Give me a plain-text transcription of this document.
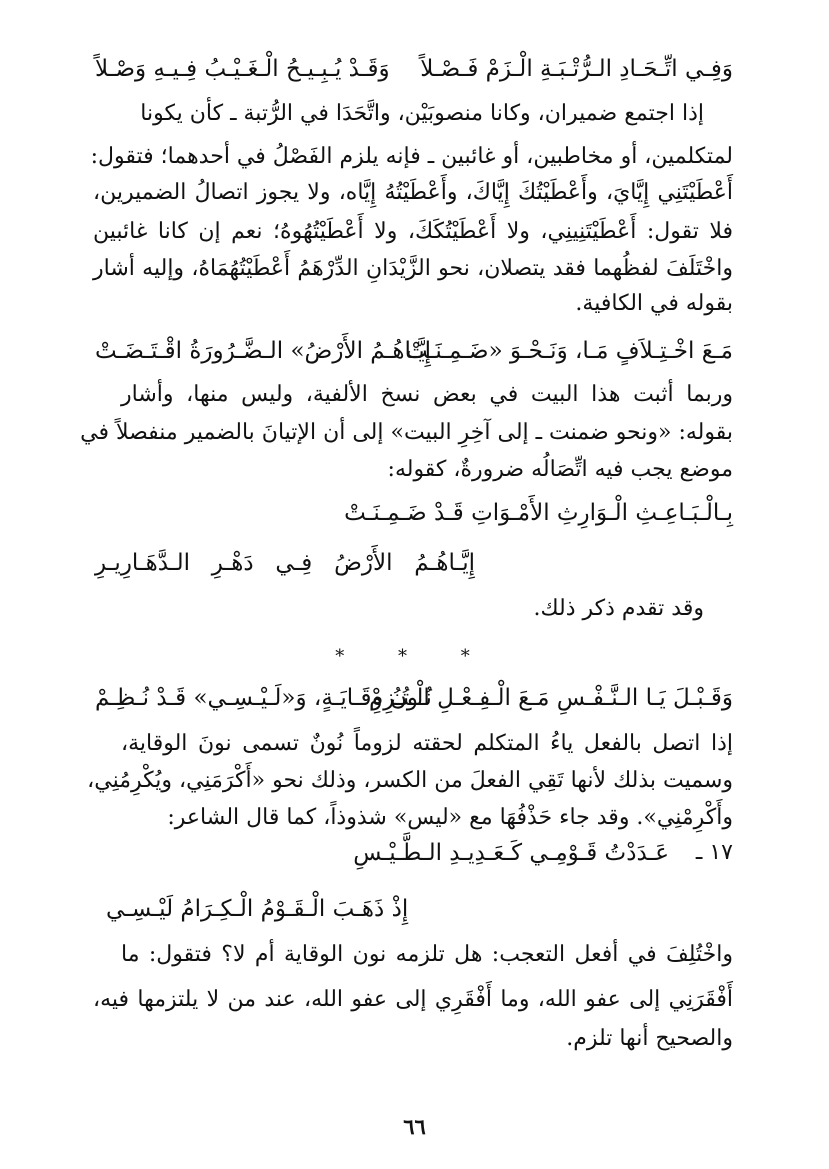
وَفِـي اتِّـحَـادِ الـرُّتْـبَـةِ الْـزَمْ فَـصْـلاً
وَقَـدْ يُـبِـيـحُ الْـغَـيْـبُ فِـيـهِ وَصْـلاً
إذا اجتمع ضميران، وكانا منصوبَيْن، واتَّحَدَا في الرُّتبة ـ كأن يكونا
لمتكلمين، أو مخاطبين، أو غائبين ـ فإنه يلزم الفَصْلُ في أحدهما؛ فتقول:
أَعْطَيْتَنِي إِيَّايَ، وأَعْطَيْتُكَ إِيَّاكَ، وأَعْطَيْتُهُ إِيَّاه، ولا يجوز اتصالُ الضميرين،
فلا تقول: أَعْطَيْتَنِينِي، ولا أَعْطَيْتُكَكَ، ولا أَعْطَيْتُهُوهُ؛ نعم إن كانا غائبين
واخْتَلَفَ لفظُهما فقد يتصلان، نحو الزَّيْدَانِ الدِّرْهَمُ أَعْطَيْتُهُمَاهُ، وإليه أشار
بقوله في الكافية.
مَـعَ اخْـتِـلاَفٍ مَـا، وَنَـحْـوَ «ضَـمِـنَـتْ
إِيَّـاهُـمُ الأَرْضُ» الـضَّـرُورَةُ اقْـتَـضَـتْ
وربما أثبت هذا البيت في بعض نسخ الألفية، وليس منها، وأشار
بقوله: «ونحو ضمنت ـ إلى آخِرِ البيت» إلى أن الإتيانَ بالضمير منفصلاً في
موضع يجب فيه اتِّصَالُه ضرورةٌ، كقوله:
بِـالْـبَـاعِـثِ الْـوَارِثِ الأَمْـوَاتِ قَـدْ ضَـمِـنَـتْ
إِيَّـاهُـمُ الأَرْضُ فِـي دَهْـرِ الـدَّهَـارِيـرِ
وقد تقدم ذكر ذلك.
* * *
وَقَـبْـلَ يَـا الـنَّـفْـسِ مَـعَ الْـفِـعْـلِ الْـتُـزِمْ
نُـونُ وِقَـايَـةٍ، وَ«لَـيْـسِـي» قَـدْ نُـظِـمْ
إذا اتصل بالفعل ياءُ المتكلم لحقته لزوماً نُونٌ تسمى نونَ الوقاية،
وسميت بذلك لأنها تَقِي الفعلَ من الكسر، وذلك نحو «أَكْرَمَنِي، ويُكْرِمُنِي،
وأَكْرِمْنِي». وقد جاء حَذْفُهَا مع «ليس» شذوذاً، كما قال الشاعر:
١٧ ـ
عَـدَدْتُ قَـوْمِـي كَـعَـدِيـدِ الـطَّـيْـسِ
إِذْ ذَهَـبَ الْـقَـوْمُ الْـكِـرَامُ لَيْـسِـي
واخْتُلِفَ في أفعل التعجب: هل تلزمه نون الوقاية أم لا؟ فتقول: ما
أَفْقَرَنِي إلى عفو الله، وما أَفْقَرِي إلى عفو الله، عند من لا يلتزمها فيه،
والصحيح أنها تلزم.
٦٦
